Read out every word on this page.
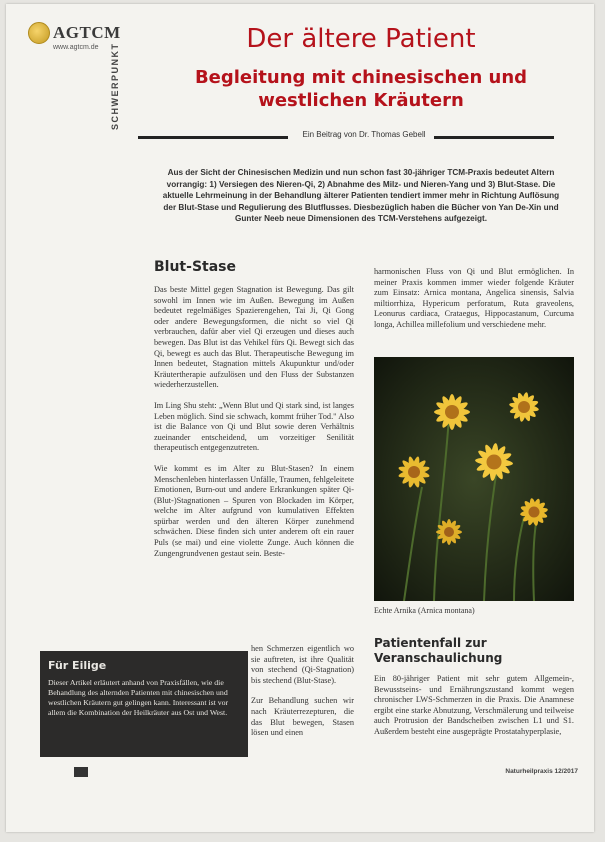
AGTCM
www.agtcm.de SCHWERPUNKT
Der ältere Patient
Begleitung mit chinesischen und westlichen Kräutern
Ein Beitrag von Dr. Thomas Gebell

Aus der Sicht der Chinesischen Medizin und nun schon fast 30-jähriger TCM-Praxis bedeutet Altern vorrangig: 1) Versiegen des Nieren-Qi, 2) Abnahme des Milz- und Nieren-Yang und 3) Blut-Stase. Die aktuelle Lehrmeinung in der Behandlung älterer Patienten tendiert immer mehr in Richtung Auflösung der Blut-Stase und Regulierung des Blutflusses. Diesbezüglich haben die Bücher von Yan De-Xin und Gunter Neeb neue Dimensionen des TCM-Verstehens aufgezeigt.

Blut-Stase

Das beste Mittel gegen Stagnation ist Bewegung. Das gilt sowohl im Innen wie im Außen. Bewegung im Außen bedeutet regelmäßiges Spazierengehen, Tai Ji, Qi Gong oder andere Bewegungsformen, die nicht so viel Qi verbrauchen, dafür aber viel Qi erzeugen und dieses auch bewegen. Das Blut ist das Vehikel fürs Qi. Bewegt sich das Qi, bewegt es auch das Blut. Therapeutische Bewegung im Innen bedeutet, Stagnation mittels Akupunktur und/oder Kräutertherapie aufzulösen und den Fluss der Substanzen wiederherzustellen.

Im Ling Shu steht: „Wenn Blut und Qi stark sind, ist langes Leben möglich. Sind sie schwach, kommt früher Tod." Also ist die Balance von Qi und Blut sowie deren Verhältnis zueinander entscheidend, um vorzeitiger Senilität therapeutisch entgegenzutreten.

Wie kommt es im Alter zu Blut-Stasen? In einem Menschenleben hinterlassen Unfälle, Traumen, fehlgeleitete Emotionen, Burn-out und andere Erkrankungen später Qi- (Blut-)Stagnationen – Spuren von Blockaden im Körper, welche im Alter aufgrund von kumulativen Effekten spürbar werden und den älteren Körper zunehmend schwächen. Diese finden sich unter anderem oft ein rauer Puls (se mai) und eine violette Zunge. Auch können die Zungengrundvenen gestaut sein. Beste-

hen Schmerzen eigentlich wo sie auftreten, ist ihre Qualität von stechend (Qi-Stagnation) bis stechend (Blut-Stase).

Zur Behandlung suchen wir nach Kräuterrezepturen, die das Blut bewegen, Stasen lösen und einen

harmonischen Fluss von Qi und Blut ermöglichen. In meiner Praxis kommen immer wieder folgende Kräuter zum Einsatz: Arnica montana, Angelica sinensis, Salvia miltiorrhiza, Hypericum perforatum, Ruta graveolens, Leonurus cardiaca, Crataegus, Hippocastanum, Curcuma longa, Achillea millefolium und verschiedene mehr.

Echte Arnika (Arnica montana)
Patientenfall zur Veranschaulichung

Ein 80-jähriger Patient mit sehr gutem Allgemein-, Bewusstseins- und Ernährungszustand kommt wegen chronischer LWS-Schmerzen in die Praxis. Die Anamnese ergibt eine starke Abnutzung, Verschmälerung und teilweise auch Protrusion der Bandscheiben zwischen L1 und S1. Außerdem besteht eine ausgeprägte Prostatahyperplasie,

Für Eilige
Dieser Artikel erläutert anhand von Praxisfällen, wie die Behandlung des alternden Patienten mit chinesischen und westlichen Kräutern gut gelingen kann. Interessant ist vor allem die Kombination der Heilkräuter aus Ost und West.
Naturheilpraxis 12/2017
